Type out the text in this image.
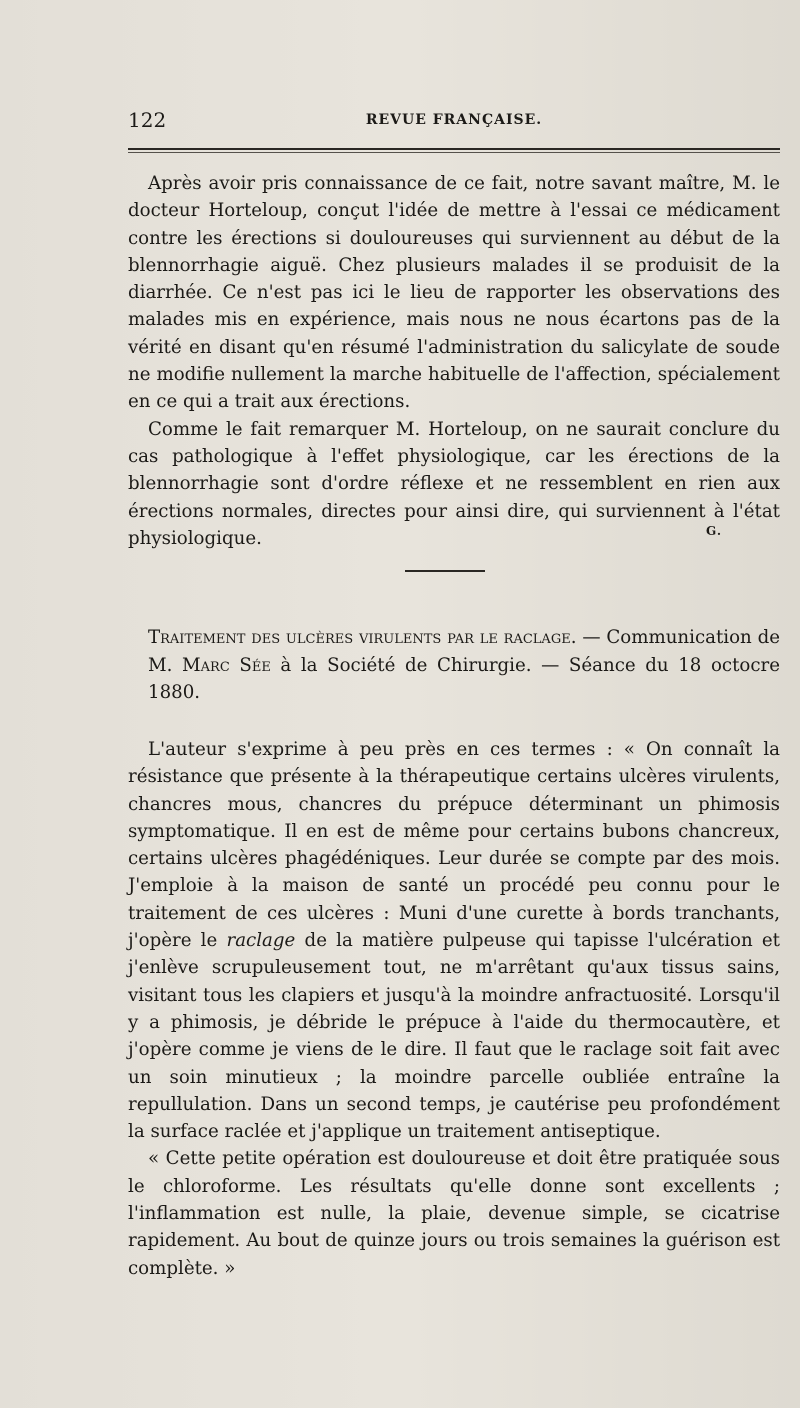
122	REVUE FRANÇAISE.

Après avoir pris connaissance de ce fait, notre savant maître, M. le docteur Horteloup, conçut l'idée de mettre à l'essai ce médicament contre les érections si douloureuses qui surviennent au début de la blennorrhagie aiguë. Chez plusieurs malades il se produisit de la diarrhée. Ce n'est pas ici le lieu de rapporter les observations des malades mis en expérience, mais nous ne nous écartons pas de la vérité en disant qu'en résumé l'administration du salicylate de soude ne modifie nullement la marche habituelle de l'affection, spécialement en ce qui a trait aux érections.

Comme le fait remarquer M. Horteloup, on ne saurait conclure du cas pathologique à l'effet physiologique, car les érections de la blennorrhagie sont d'ordre réflexe et ne ressemblent en rien aux érections normales, directes pour ainsi dire, qui surviennent à l'état physiologique.	G.
Traitement des ulcères virulents par le raclage. — Communication de M. Marc Sée à la Société de Chirurgie. — Séance du 18 octocre 1880.

L'auteur s'exprime à peu près en ces termes : « On connaît la résistance que présente à la thérapeutique certains ulcères virulents, chancres mous, chancres du prépuce déterminant un phimosis symptomatique. Il en est de même pour certains bubons chancreux, certains ulcères phagédéniques. Leur durée se compte par des mois. J'emploie à la maison de santé un procédé peu connu pour le traitement de ces ulcères : Muni d'une curette à bords tranchants, j'opère le raclage de la matière pulpeuse qui tapisse l'ulcération et j'enlève scrupuleusement tout, ne m'arrêtant qu'aux tissus sains, visitant tous les clapiers et jusqu'à la moindre anfractuosité. Lorsqu'il y a phimosis, je débride le prépuce à l'aide du thermocautère, et j'opère comme je viens de le dire. Il faut que le raclage soit fait avec un soin minutieux ; la moindre parcelle oubliée entraîne la repullulation. Dans un second temps, je cautérise peu profondément la surface raclée et j'applique un traitement antiseptique.

« Cette petite opération est douloureuse et doit être pratiquée sous le chloroforme. Les résultats qu'elle donne sont excellents ; l'inflammation est nulle, la plaie, devenue simple, se cicatrise rapidement. Au bout de quinze jours ou trois semaines la guérison est complète. »
